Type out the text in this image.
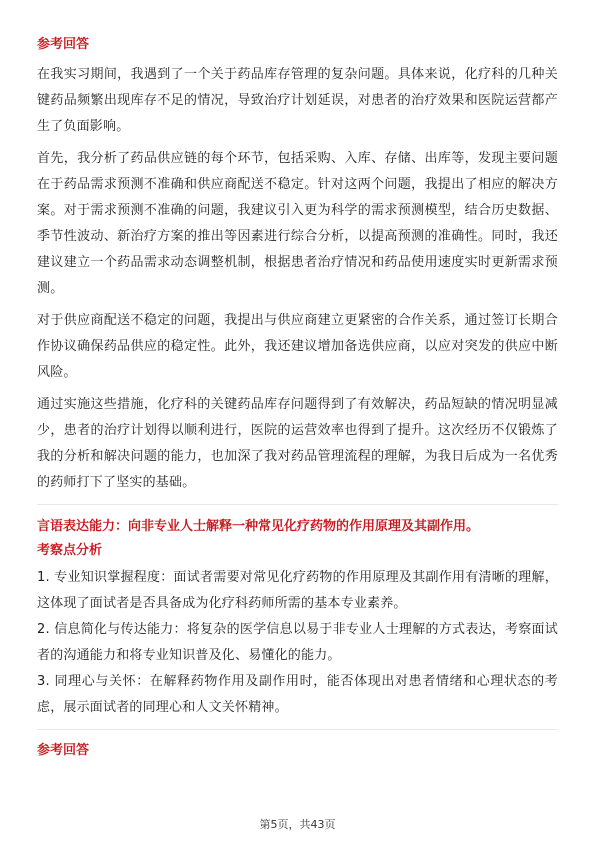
参考回答

在我实习期间，我遇到了一个关于药品库存管理的复杂问题。具体来说，化疗科的几种关键药品频繁出现库存不足的情况，导致治疗计划延误，对患者的治疗效果和医院运营都产生了负面影响。

首先，我分析了药品供应链的每个环节，包括采购、入库、存储、出库等，发现主要问题在于药品需求预测不准确和供应商配送不稳定。针对这两个问题，我提出了相应的解决方案。对于需求预测不准确的问题，我建议引入更为科学的需求预测模型，结合历史数据、季节性波动、新治疗方案的推出等因素进行综合分析，以提高预测的准确性。同时，我还建议建立一个药品需求动态调整机制，根据患者治疗情况和药品使用速度实时更新需求预测。

对于供应商配送不稳定的问题，我提出与供应商建立更紧密的合作关系，通过签订长期合作协议确保药品供应的稳定性。此外，我还建议增加备选供应商，以应对突发的供应中断风险。

通过实施这些措施，化疗科的关键药品库存问题得到了有效解决，药品短缺的情况明显减少，患者的治疗计划得以顺利进行，医院的运营效率也得到了提升。这次经历不仅锻炼了我的分析和解决问题的能力，也加深了我对药品管理流程的理解，为我日后成为一名优秀的药师打下了坚实的基础。

言语表达能力：向非专业人士解释一种常见化疗药物的作用原理及其副作用。
考察点分析

1. 专业知识掌握程度：面试者需要对常见化疗药物的作用原理及其副作用有清晰的理解，这体现了面试者是否具备成为化疗科药师所需的基本专业素养。

2. 信息简化与传达能力：将复杂的医学信息以易于非专业人士理解的方式表达，考察面试者的沟通能力和将专业知识普及化、易懂化的能力。

3. 同理心与关怀：在解释药物作用及副作用时，能否体现出对患者情绪和心理状态的考虑，展示面试者的同理心和人文关怀精神。

参考回答
第5页，共43页
